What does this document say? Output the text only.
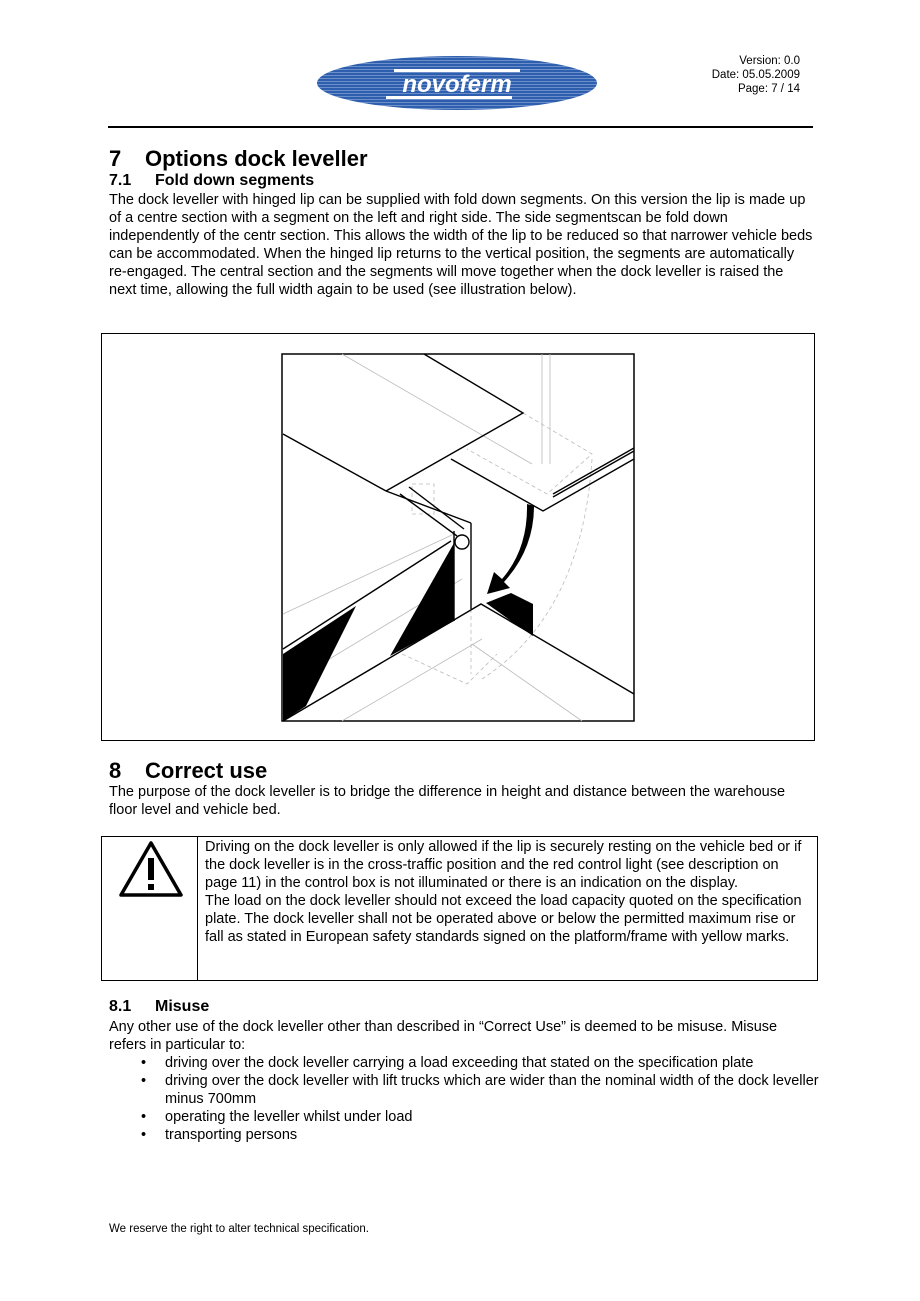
novoferm
Version: 0.0
Date: 05.05.2009
Page: 7 / 14
7 Options dock leveller
7.1 Fold down segments
The dock leveller with hinged lip can be supplied with fold down segments. On this version the lip is made up of a centre section with a segment on the left and right side. The side segmentscan be fold down independently of the centr section. This allows the width of the lip to be reduced so that narrower vehicle beds can be accommodated. When the hinged lip returns to the vertical position, the segments are automatically re-engaged. The central section and the segments will move together when the dock leveller is raised the next time, allowing the full width again to be used (see illustration below).
8 Correct use
The purpose of the dock leveller is to bridge the difference in height and distance between the warehouse floor level and vehicle bed.
Driving on the dock leveller is only allowed if the lip is securely resting on the vehicle bed or if the dock leveller is in the cross-traffic position and the red control light (see description on page 11) in the control box is not illuminated or there is an indication on the display.
The load on the dock leveller should not exceed the load capacity quoted on the specification plate. The dock leveller shall not be operated above or below the permitted maximum rise or fall as stated in European safety standards signed on the platform/frame with yellow marks.
8.1 Misuse
Any other use of the dock leveller other than described in “Correct Use” is deemed to be misuse. Misuse refers in particular to:
• driving over the dock leveller carrying a load exceeding that stated on the specification plate
• driving over the dock leveller with lift trucks which are wider than the nominal width of the dock leveller minus 700mm
• operating the leveller whilst under load
• transporting persons
We reserve the right to alter technical specification.
